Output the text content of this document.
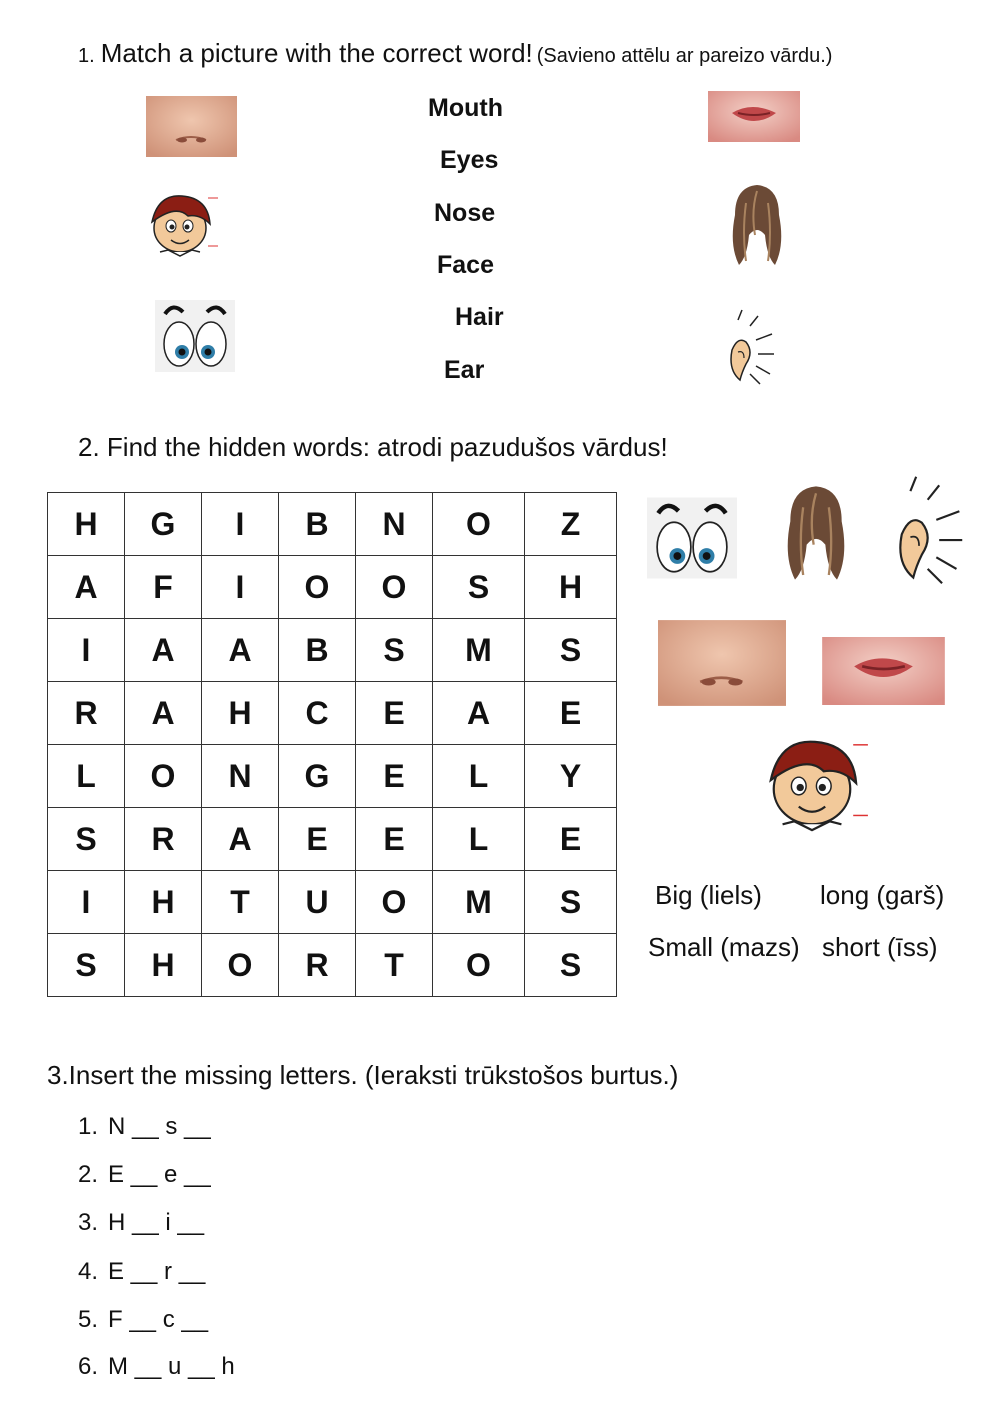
1. Match a picture with the correct word! (Savieno attēlu ar pareizo vārdu.)
Mouth
Eyes
Nose
Face
Hair
Ear
2. Find the hidden words: atrodi pazudušos vārdus!
H	G	I	B	N	O	Z
A	F	I	O	O	S	H
I	A	A	B	S	M	S
R	A	H	C	E	A	E
L	O	N	G	E	L	Y
S	R	A	E	E	L	E
I	H	T	U	O	M	S
S	H	O	R	T	O	S
Big (liels) long (garš)
Small (mazs) short (īss)
3.Insert the missing letters. (Ieraksti trūkstošos burtus.)
1. N __ s __
2. E __ e __
3. H __ i __
4. E __ r __
5. F __ c __
6. M __ u __ h
